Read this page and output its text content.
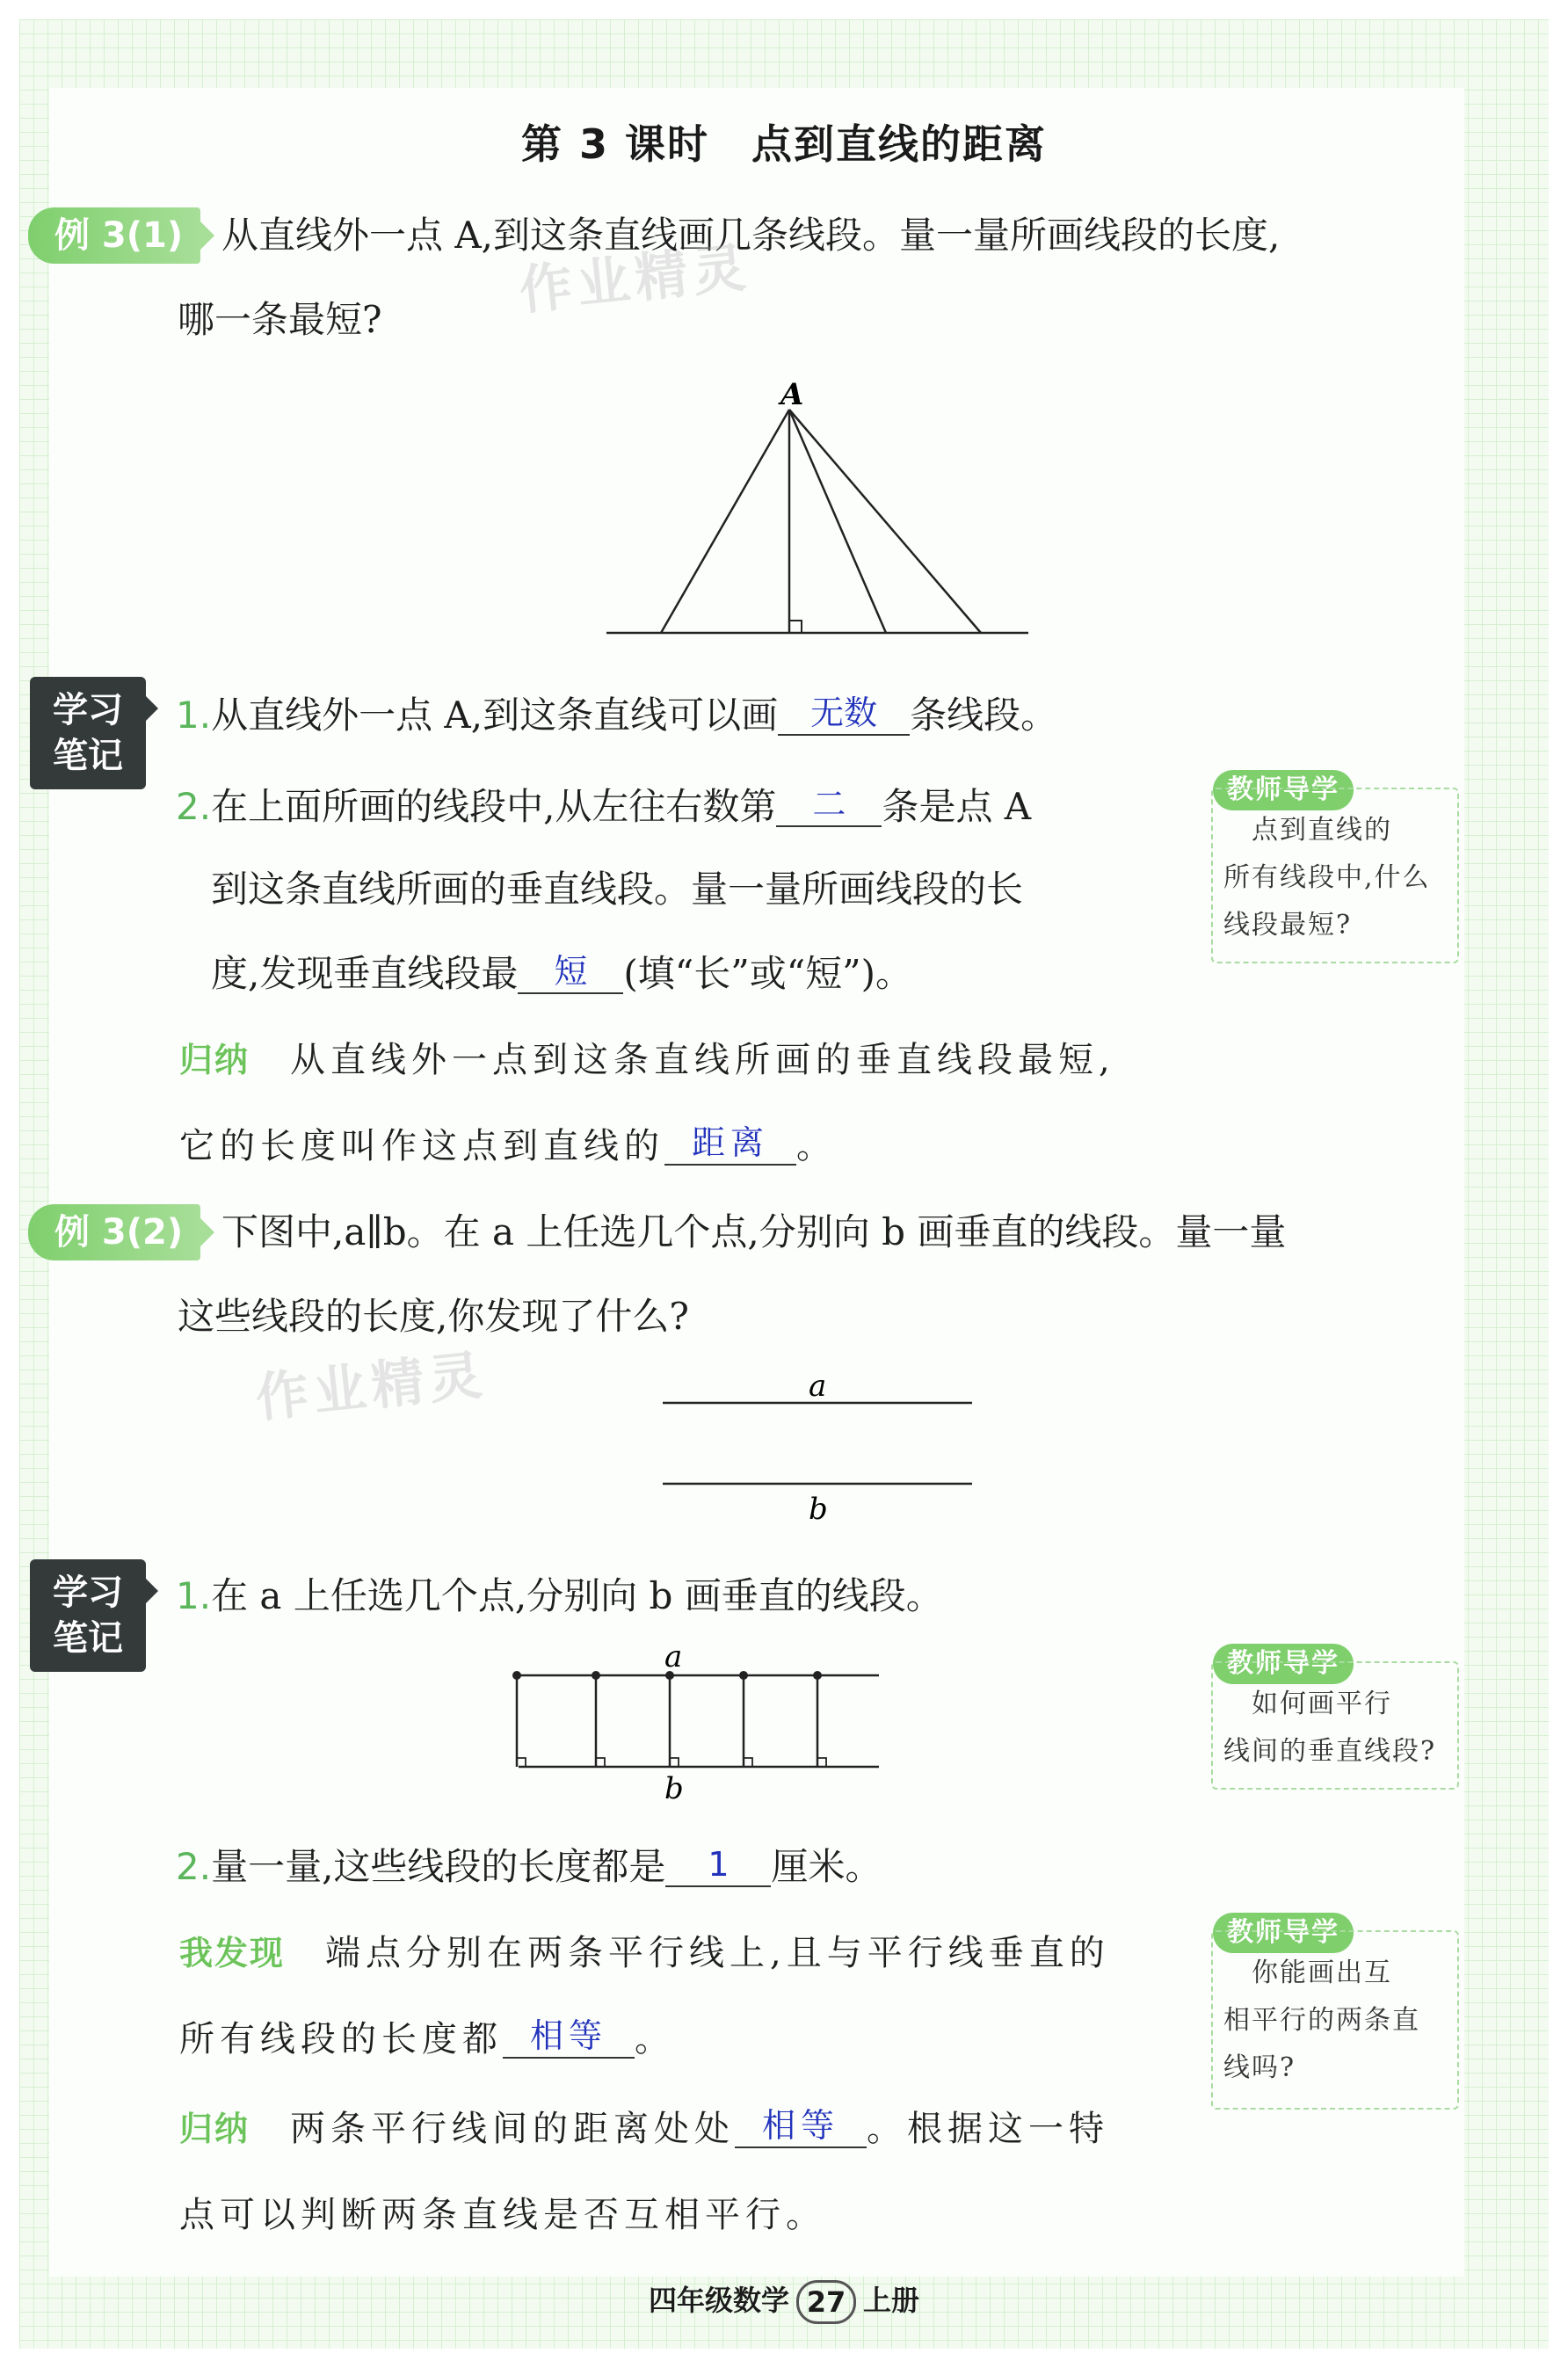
第 3 课时　点到直线的距离
例 3(1)	从直线外一点 A,到这条直线画几条线段。量一量所画线段的长度,
哪一条最短?	作业精灵
A
学习
笔记
1.从直线外一点 A,到这条直线可以画 无数 条线段。
2.在上面所画的线段中,从左往右数第 二 条是点 A
到这条直线所画的垂直线段。量一量所画线段的长
度,发现垂直线段最 短 (填“长”或“短”)。
归纳  从直线外一点到这条直线所画的垂直线段最短,
它的长度叫作这点到直线的 距离 。
教师导学
　点到直线的
所有线段中,什么
线段最短?
例 3(2)	下图中,a∥b。在 a 上任选几个点,分别向 b 画垂直的线段。量一量
这些线段的长度,你发现了什么?
作业精灵	a
b
学习
笔记
1.在 a 上任选几个点,分别向 b 画垂直的线段。
a
b
2.量一量,这些线段的长度都是 1 厘米。
我发现  端点分别在两条平行线上,且与平行线垂直的
所有线段的长度都 相等 。
归纳  两条平行线间的距离处处 相等 。根据这一特
点可以判断两条直线是否互相平行。
教师导学
　如何画平行
线间的垂直线段?
教师导学
　你能画出互
相平行的两条直
线吗?
四年级数学 27 上册
